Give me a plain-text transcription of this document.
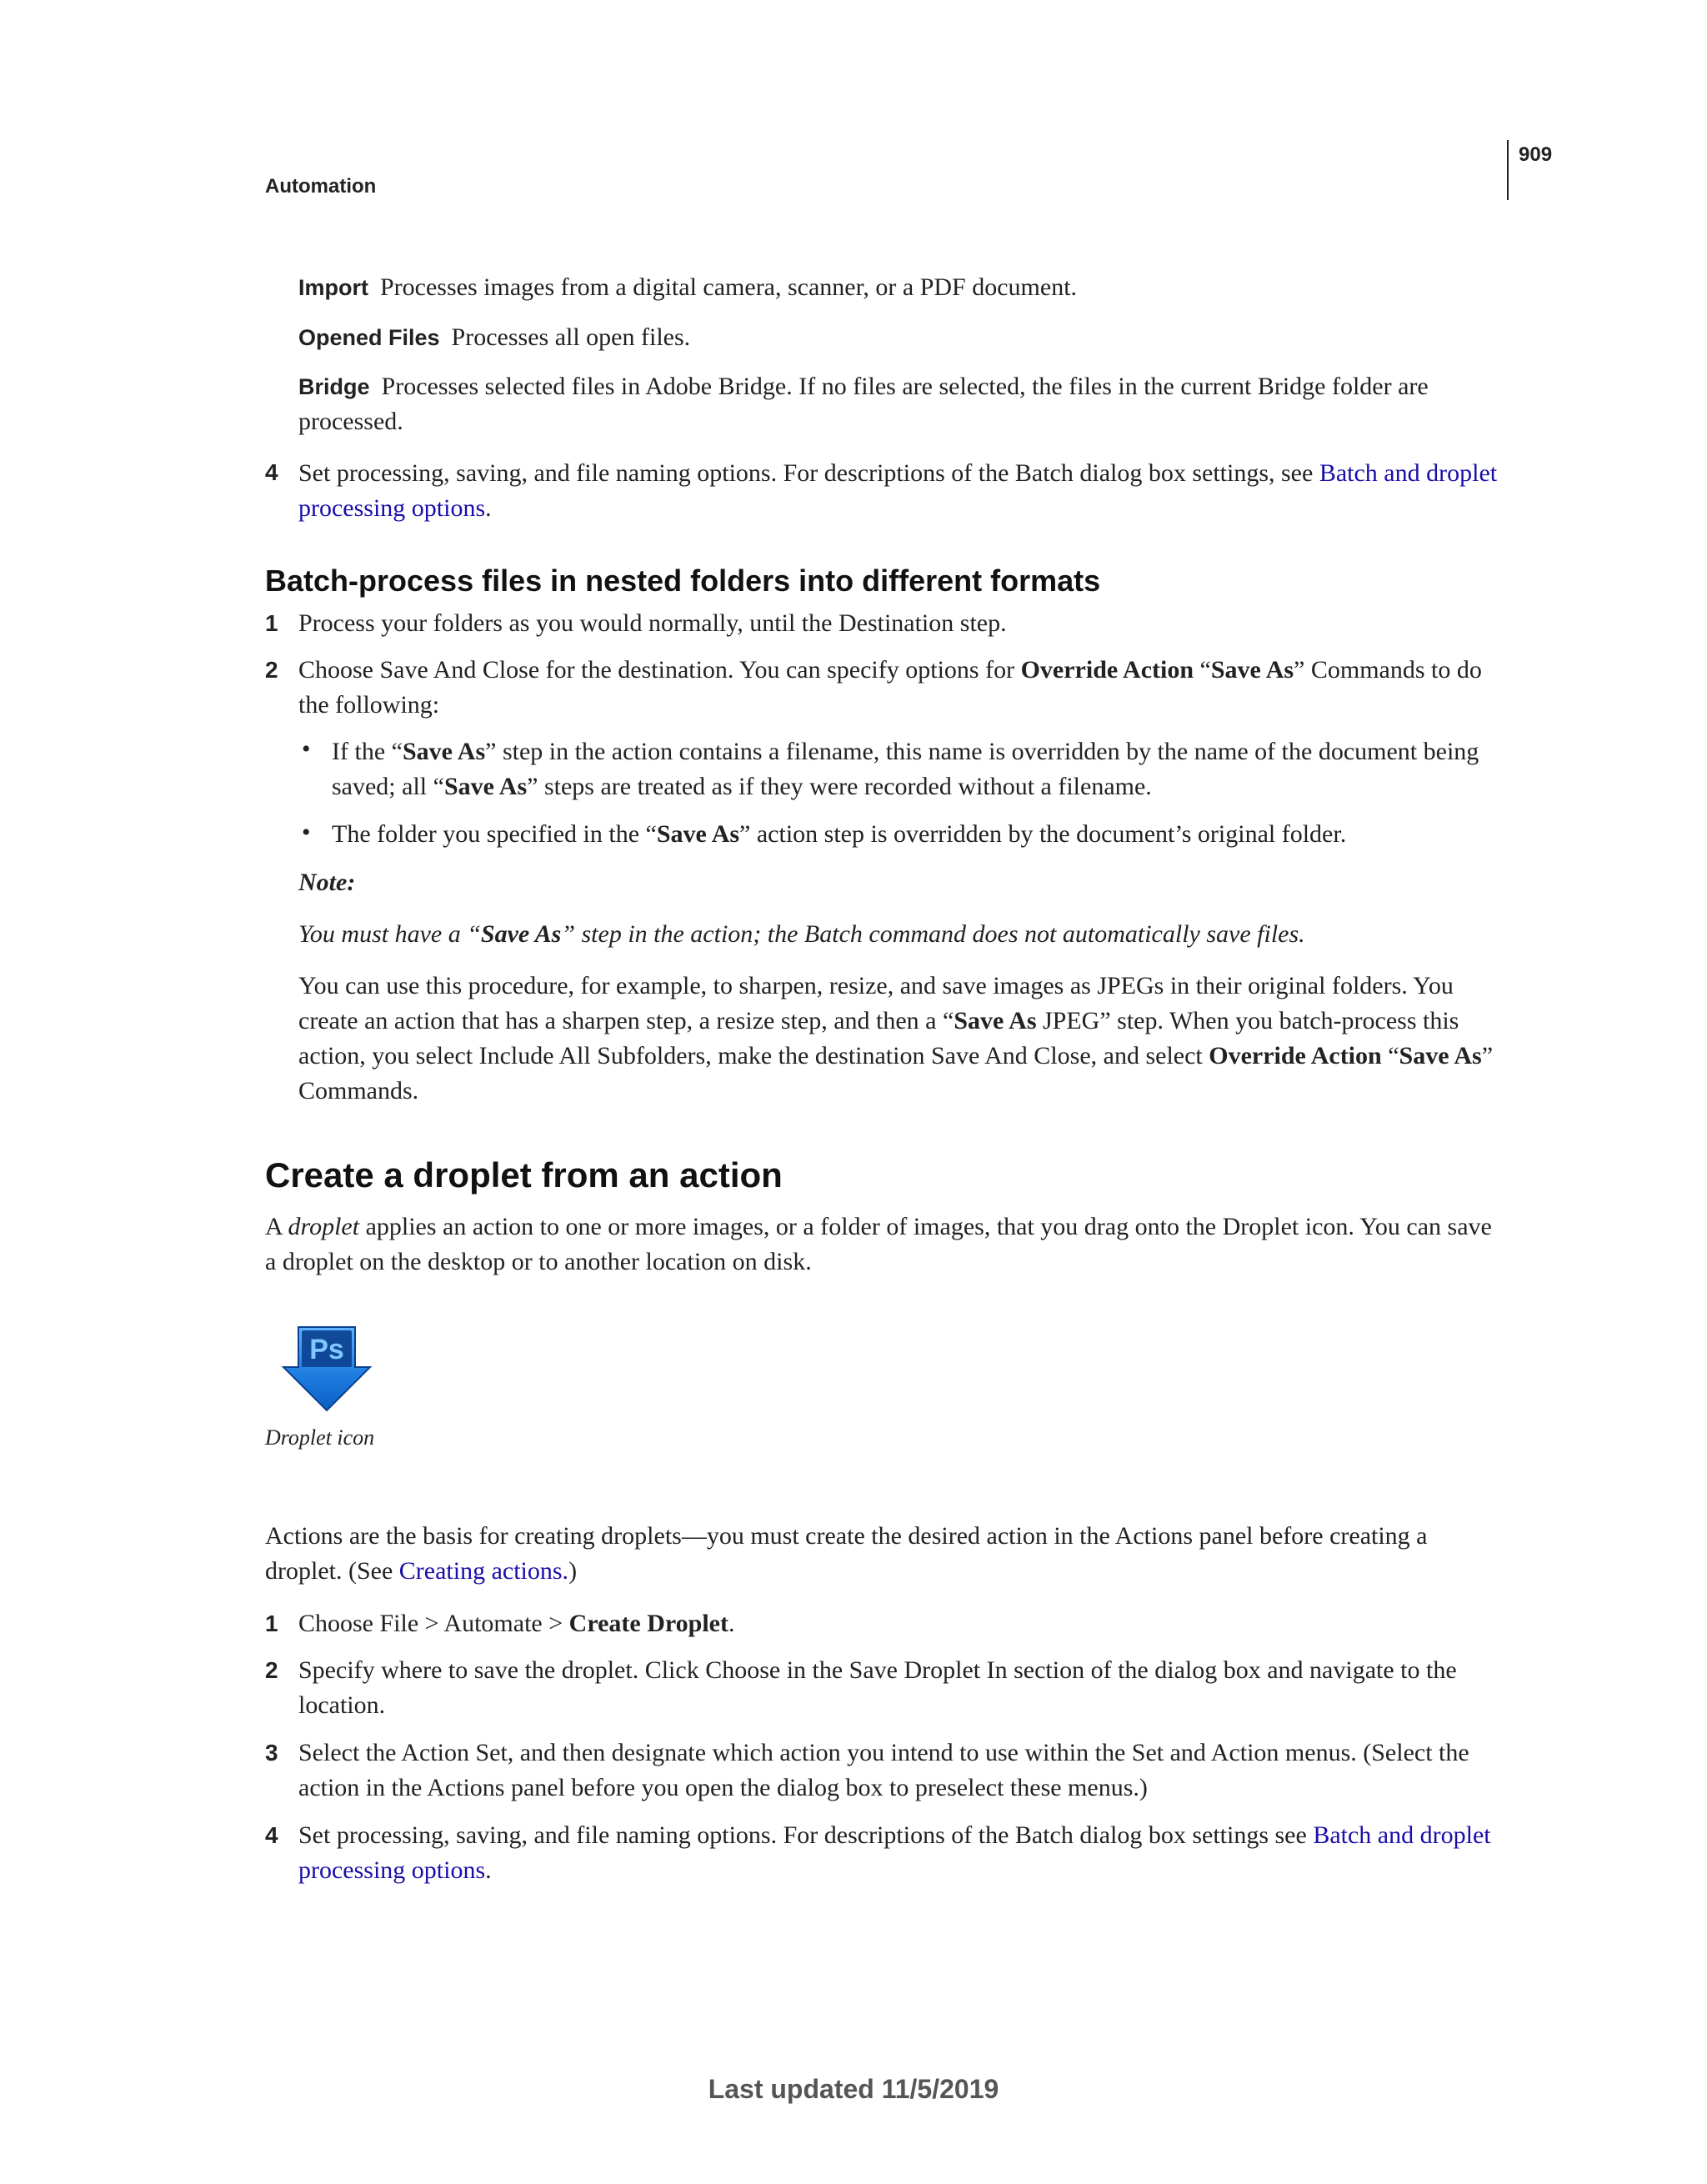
909
Automation
Import Processes images from a digital camera, scanner, or a PDF document.
Opened Files Processes all open files.
Bridge Processes selected files in Adobe Bridge. If no files are selected, the files in the current Bridge folder are processed.
4 Set processing, saving, and file naming options. For descriptions of the Batch dialog box settings, see Batch and droplet processing options.
Batch-process files in nested folders into different formats
1 Process your folders as you would normally, until the Destination step.
2 Choose Save And Close for the destination. You can specify options for Override Action “Save As” Commands to do the following:
• If the “Save As” step in the action contains a filename, this name is overridden by the name of the document being saved; all “Save As” steps are treated as if they were recorded without a filename.
• The folder you specified in the “Save As” action step is overridden by the document’s original folder.
Note:
You must have a “Save As” step in the action; the Batch command does not automatically save files.
You can use this procedure, for example, to sharpen, resize, and save images as JPEGs in their original folders. You create an action that has a sharpen step, a resize step, and then a “Save As JPEG” step. When you batch-process this action, you select Include All Subfolders, make the destination Save And Close, and select Override Action “Save As” Commands.
Create a droplet from an action
A droplet applies an action to one or more images, or a folder of images, that you drag onto the Droplet icon. You can save a droplet on the desktop or to another location on disk.
Ps
Droplet icon
Actions are the basis for creating droplets—you must create the desired action in the Actions panel before creating a droplet. (See Creating actions.)
1 Choose File > Automate > Create Droplet.
2 Specify where to save the droplet. Click Choose in the Save Droplet In section of the dialog box and navigate to the location.
3 Select the Action Set, and then designate which action you intend to use within the Set and Action menus. (Select the action in the Actions panel before you open the dialog box to preselect these menus.)
4 Set processing, saving, and file naming options. For descriptions of the Batch dialog box settings see Batch and droplet processing options.
Last updated 11/5/2019
